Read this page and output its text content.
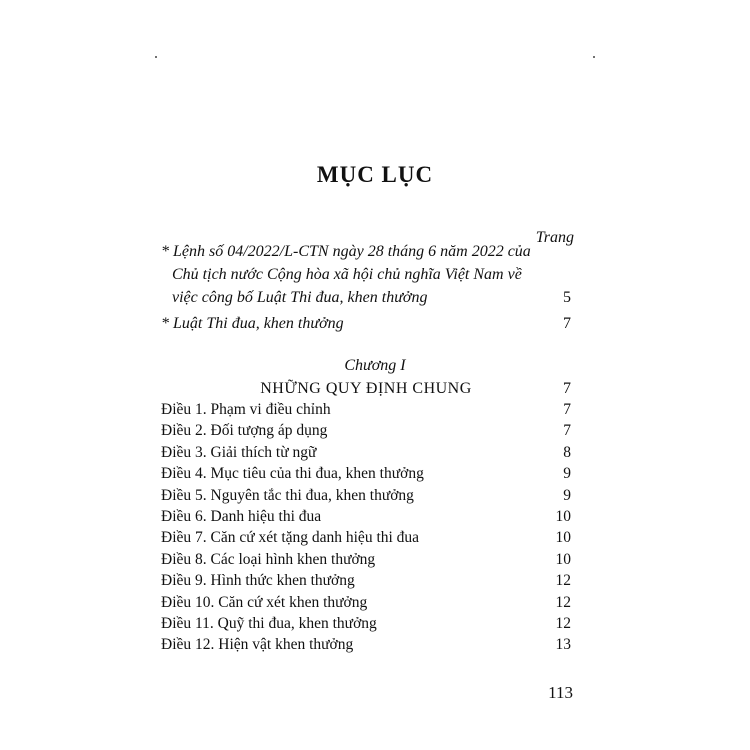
MỤC LỤC
Trang
* Lệnh số 04/2022/L-CTN ngày 28 tháng 6 năm 2022 của
Chủ tịch nước Cộng hòa xã hội chủ nghĩa Việt Nam về
việc công bố Luật Thi đua, khen thưởng	5
* Luật Thi đua, khen thưởng	7
Chương I
NHỮNG QUY ĐỊNH CHUNG	7
Điều 1. Phạm vi điều chỉnh	7
Điều 2. Đối tượng áp dụng	7
Điều 3. Giải thích từ ngữ	8
Điều 4. Mục tiêu của thi đua, khen thưởng	9
Điều 5. Nguyên tắc thi đua, khen thưởng	9
Điều 6. Danh hiệu thi đua	10
Điều 7. Căn cứ xét tặng danh hiệu thi đua	10
Điều 8. Các loại hình khen thưởng	10
Điều 9. Hình thức khen thưởng	12
Điều 10. Căn cứ xét khen thưởng	12
Điều 11. Quỹ thi đua, khen thưởng	12
Điều 12. Hiện vật khen thưởng	13
113
